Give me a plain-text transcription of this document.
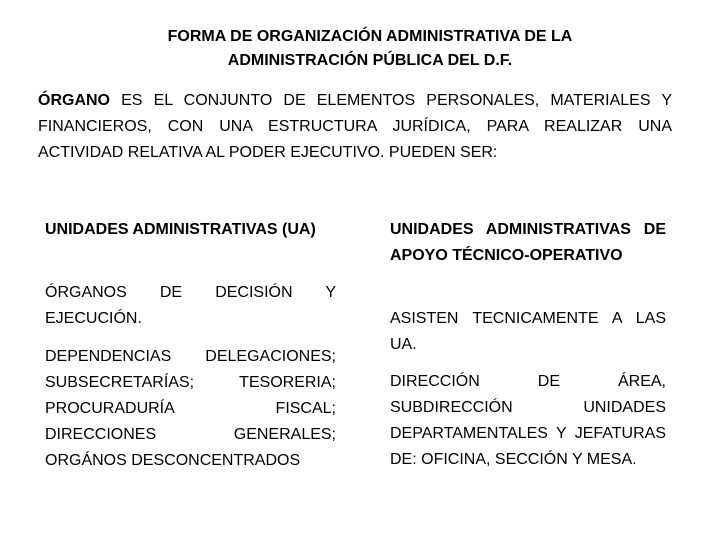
FORMA DE ORGANIZACIÓN ADMINISTRATIVA DE LA
ADMINISTRACIÓN PÚBLICA DEL D.F.
ÓRGANO ES EL CONJUNTO DE ELEMENTOS PERSONALES, MATERIALES Y FINANCIEROS, CON UNA ESTRUCTURA JURÍDICA, PARA REALIZAR UNA ACTIVIDAD RELATIVA AL PODER EJECUTIVO. PUEDEN SER:
UNIDADES ADMINISTRATIVAS (UA)
ÓRGANOS DE DECISIÓN Y EJECUCIÓN.
DEPENDENCIAS DELEGACIONES; SUBSECRETARÍAS; TESORERIA; PROCURADURÍA FISCAL; DIRECCIONES GENERALES; ORGÁNOS DESCONCENTRADOS
UNIDADES ADMINISTRATIVAS DE APOYO TÉCNICO-OPERATIVO
ASISTEN TECNICAMENTE A LAS UA.
DIRECCIÓN DE ÁREA, SUBDIRECCIÓN UNIDADES DEPARTAMENTALES Y JEFATURAS DE: OFICINA, SECCIÓN Y MESA.
